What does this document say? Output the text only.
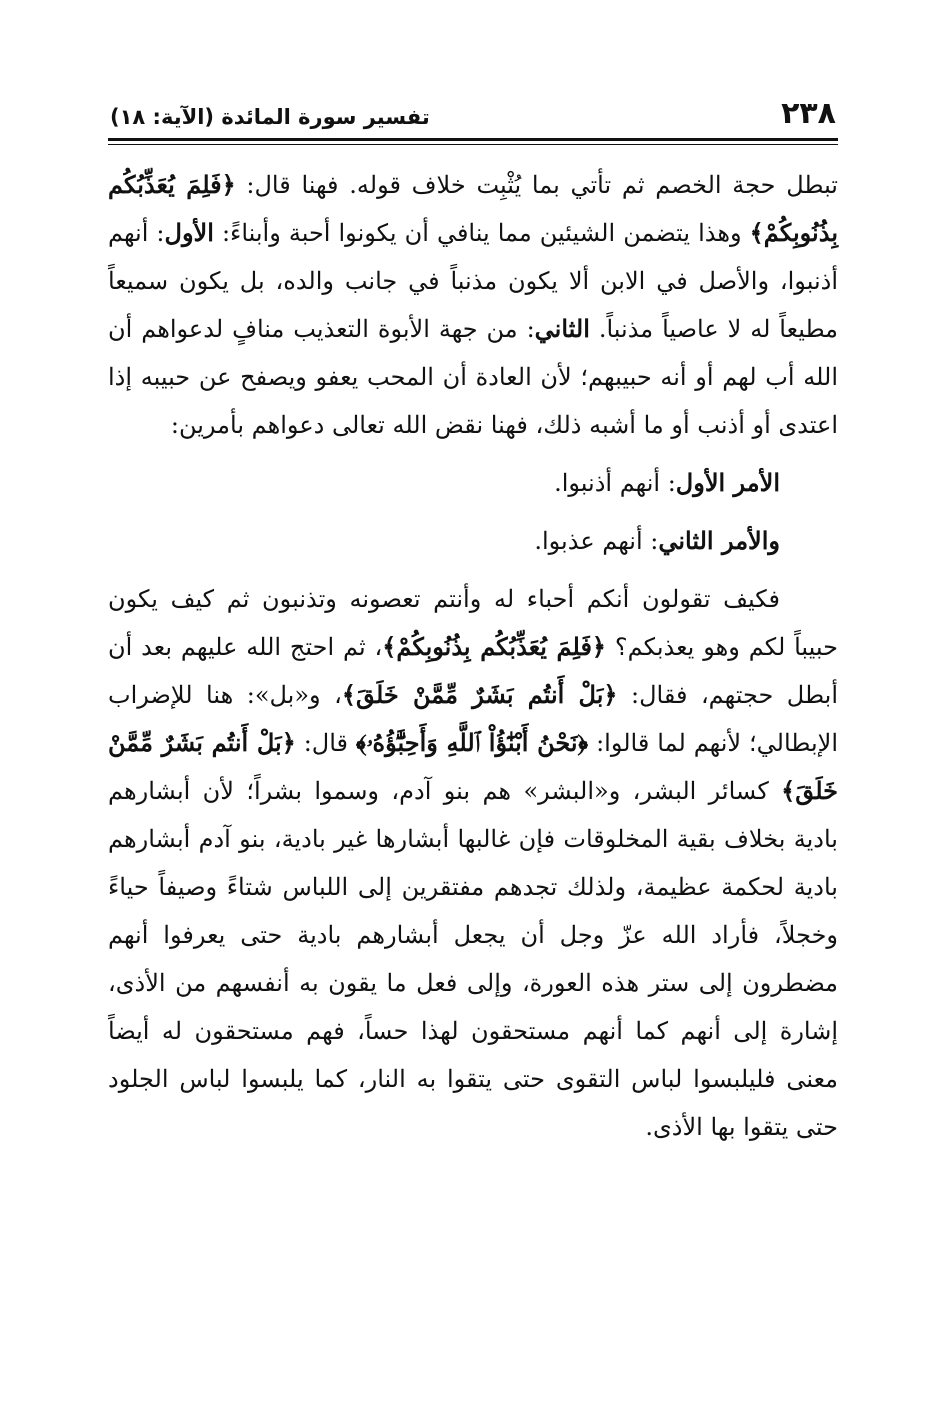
٢٣٨
تفسير سورة المائدة (الآية: ١٨)

تبطل حجة الخصم ثم تأتي بما يُثْبِت خلاف قوله. فهنا قال: ﴿فَلِمَ يُعَذِّبُكُم بِذُنُوبِكُمْ﴾ وهذا يتضمن الشيئين مما ينافي أن يكونوا أحبة وأبناءً: الأول: أنهم أذنبوا، والأصل في الابن ألا يكون مذنباً في جانب والده، بل يكون سميعاً مطيعاً له لا عاصياً مذنباً. الثاني: من جهة الأبوة التعذيب منافٍ لدعواهم أن الله أب لهم أو أنه حبيبهم؛ لأن العادة أن المحب يعفو ويصفح عن حبيبه إذا اعتدى أو أذنب أو ما أشبه ذلك، فهنا نقض الله تعالى دعواهم بأمرين:

الأمر الأول: أنهم أذنبوا.

والأمر الثاني: أنهم عذبوا.

فكيف تقولون أنكم أحباء له وأنتم تعصونه وتذنبون ثم كيف يكون حبيباً لكم وهو يعذبكم؟ ﴿فَلِمَ يُعَذِّبُكُم بِذُنُوبِكُمْ﴾، ثم احتج الله عليهم بعد أن أبطل حجتهم، فقال: ﴿بَلْ أَنتُم بَشَرٌ مِّمَّنْ خَلَقَ﴾، و«بل»: هنا للإضراب الإبطالي؛ لأنهم لما قالوا: ﴿نَحْنُ أَبْنَٰٓؤُاْ ٱللَّهِ وَأَحِبَّٰٓؤُهُۥ﴾ قال: ﴿بَلْ أَنتُم بَشَرٌ مِّمَّنْ خَلَقَ﴾ كسائر البشر، و«البشر» هم بنو آدم، وسموا بشراً؛ لأن أبشارهم بادية بخلاف بقية المخلوقات فإن غالبها أبشارها غير بادية، بنو آدم أبشارهم بادية لحكمة عظيمة، ولذلك تجدهم مفتقرين إلى اللباس شتاءً وصيفاً حياءً وخجلاً، فأراد الله عزّ وجل أن يجعل أبشارهم بادية حتى يعرفوا أنهم مضطرون إلى ستر هذه العورة، وإلى فعل ما يقون به أنفسهم من الأذى، إشارة إلى أنهم كما أنهم مستحقون لهذا حساً، فهم مستحقون له أيضاً معنى فليلبسوا لباس التقوى حتى يتقوا به النار، كما يلبسوا لباس الجلود حتى يتقوا بها الأذى.
